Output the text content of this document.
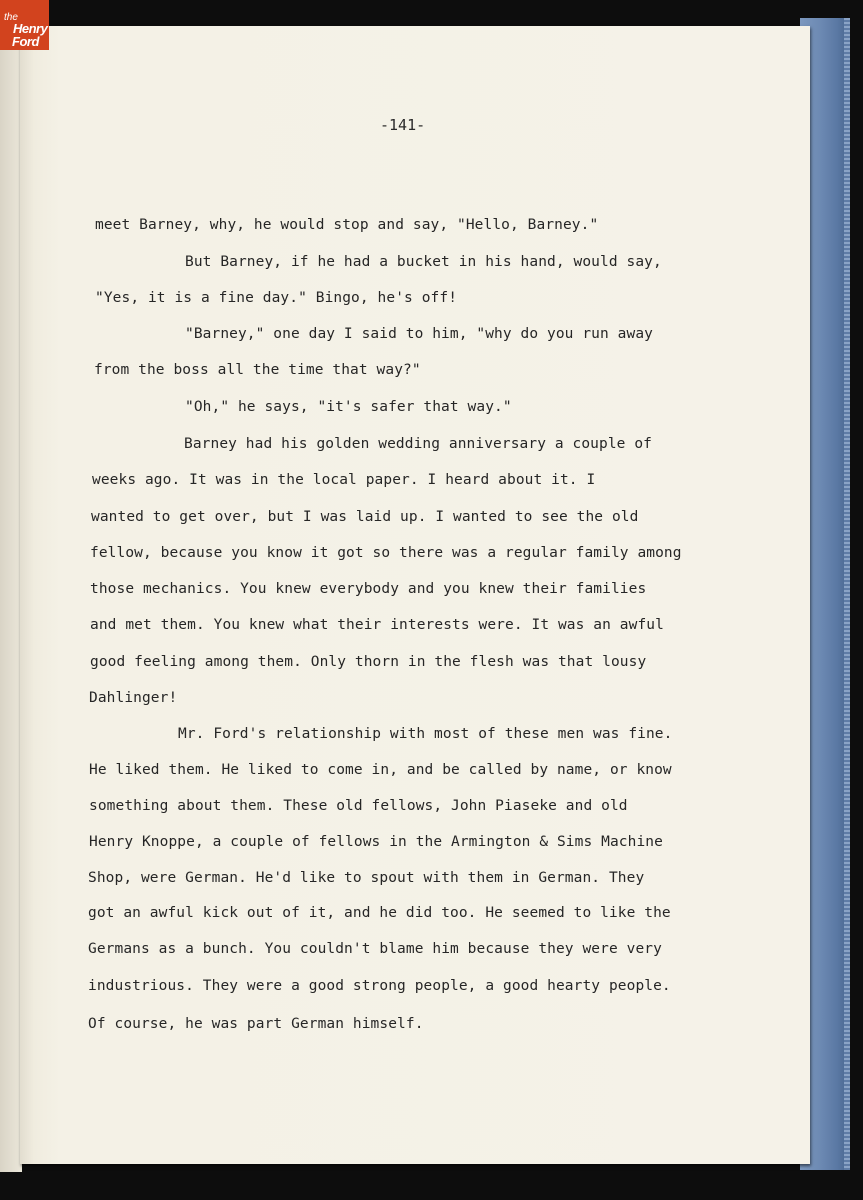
the
Henry
Ford
-141-
meet Barney, why, he would stop and say, "Hello, Barney."
But Barney, if he had a bucket in his hand, would say,
"Yes, it is a fine day." Bingo, he's off!
"Barney," one day I said to him, "why do you run away
from the boss all the time that way?"
"Oh," he says, "it's safer that way."
Barney had his golden wedding anniversary a couple of
weeks ago. It was in the local paper. I heard about it. I
wanted to get over, but I was laid up. I wanted to see the old
fellow, because you know it got so there was a regular family among
those mechanics. You knew everybody and you knew their families
and met them. You knew what their interests were. It was an awful
good feeling among them. Only thorn in the flesh was that lousy
Dahlinger!
Mr. Ford's relationship with most of these men was fine.
He liked them. He liked to come in, and be called by name, or know
something about them. These old fellows, John Piaseke and old
Henry Knoppe, a couple of fellows in the Armington & Sims Machine
Shop, were German. He'd like to spout with them in German. They
got an awful kick out of it, and he did too. He seemed to like the
Germans as a bunch. You couldn't blame him because they were very
industrious. They were a good strong people, a good hearty people.
Of course, he was part German himself.
